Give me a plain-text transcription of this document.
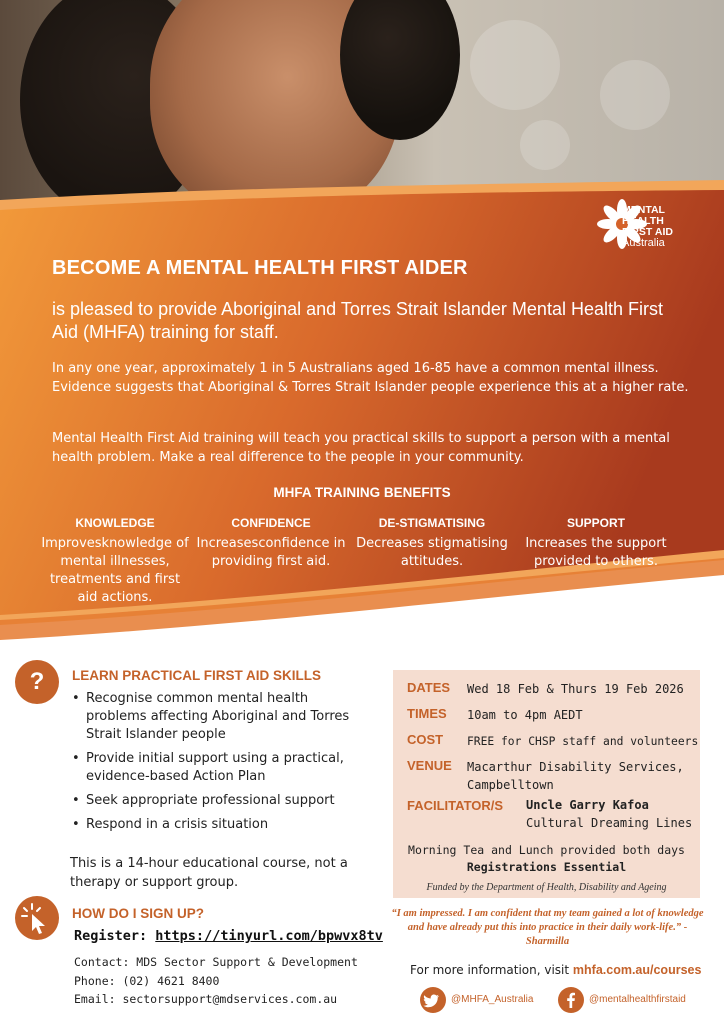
MENTAL
HEALTH
FIRST AID
Australia
BECOME A MENTAL HEALTH FIRST AIDER
is pleased to provide Aboriginal and Torres Strait Islander Mental Health First Aid (MHFA) training for staff.
In any one year, approximately 1 in 5 Australians aged 16-85 have a common mental illness. Evidence suggests that Aboriginal & Torres Strait Islander people experience this at a higher rate.
Mental Health First Aid training will teach you practical skills to support a person with a mental health problem. Make a real difference to the people in your community.
MHFA TRAINING BENEFITS
KNOWLEDGE
Improvesknowledge of mental illnesses, treatments and first aid actions.
CONFIDENCE
Increasesconfidence in providing first aid.
DE-STIGMATISING
Decreases stigmatising attitudes.
SUPPORT
Increases the support provided to others.
?	LEARN PRACTICAL FIRST AID SKILLS
• Recognise common mental health problems affecting Aboriginal and Torres Strait Islander people
• Provide initial support using a practical, evidence-based Action Plan
• Seek appropriate professional support
• Respond in a crisis situation
This is a 14-hour educational course, not a therapy or support group.
HOW DO I SIGN UP?
Register: https://tinyurl.com/bpwvx8tv
Contact: MDS Sector Support & Development
Phone: (02) 4621 8400
Email: sectorsupport@mdservices.com.au
DATES Wed 18 Feb & Thurs 19 Feb 2026
TIMES 10am to 4pm AEDT
COST FREE for CHSP staff and volunteers
VENUE Macarthur Disability Services,
Campbelltown
FACILITATOR/S Uncle Garry Kafoa
Cultural Dreaming Lines
Morning Tea and Lunch provided both days
Registrations Essential
Funded by the Department of Health, Disability and Ageing
“I am impressed. I am confident that my team gained a lot of knowledge and have already put this into practice in their daily work-life.” - Sharmilla
For more information, visit mhfa.com.au/courses
@MHFA_Australia	@mentalhealthfirstaid
